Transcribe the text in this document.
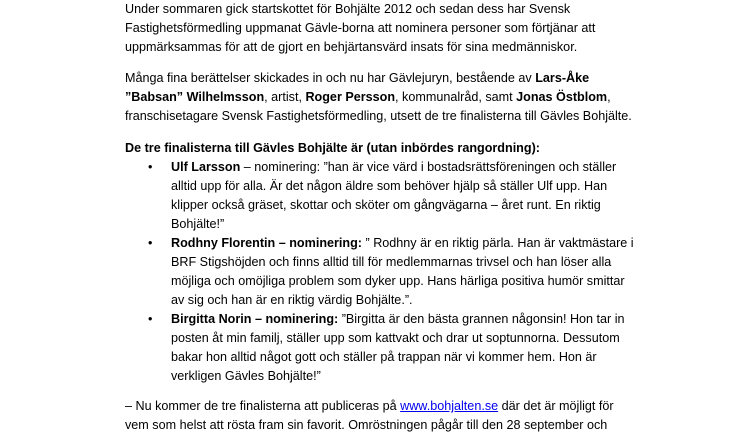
Under sommaren gick startskottet för Bohjälte 2012 och sedan dess har Svensk
Fastighetsförmedling uppmanat Gävle-borna att nominera personer som förtjänar att
uppmärksammas för att de gjort en behjärtansvärd insats för sina medmänniskor.
Många fina berättelser skickades in och nu har Gävlejuryn, bestående av Lars-Åke
”Babsan” Wilhelmsson, artist, Roger Persson, kommunalråd, samt Jonas Östblom,
franschisetagare Svensk Fastighetsförmedling, utsett de tre finalisterna till Gävles Bohjälte.
De tre finalisterna till Gävles Bohjälte är (utan inbördes rangordning):
•	Ulf Larsson – nominering: ”han är vice värd i bostadsrättsföreningen och ställer
alltid upp för alla. Är det någon äldre som behöver hjälp så ställer Ulf upp. Han
klipper också gräset, skottar och sköter om gångvägarna – året runt. En riktig
Bohjälte!”
•	Rodhny Florentin – nominering: ” Rodhny är en riktig pärla. Han är vaktmästare i
BRF Stigshöjden och finns alltid till för medlemmarnas trivsel och han löser alla
möjliga och omöjliga problem som dyker upp. Hans härliga positiva humör smittar
av sig och han är en riktig värdig Bohjälte.”.
•	Birgitta Norin – nominering: ”Birgitta är den bästa grannen någonsin! Hon tar in
posten åt min familj, ställer upp som kattvakt och drar ut soptunnorna. Dessutom
bakar hon alltid något gott och ställer på trappan när vi kommer hem. Hon är
verkligen Gävles Bohjälte!”
– Nu kommer de tre finalisterna att publiceras på www.bohjalten.se där det är möjligt för
vem som helst att rösta fram sin favorit. Omröstningen pågår till den 28 september och
